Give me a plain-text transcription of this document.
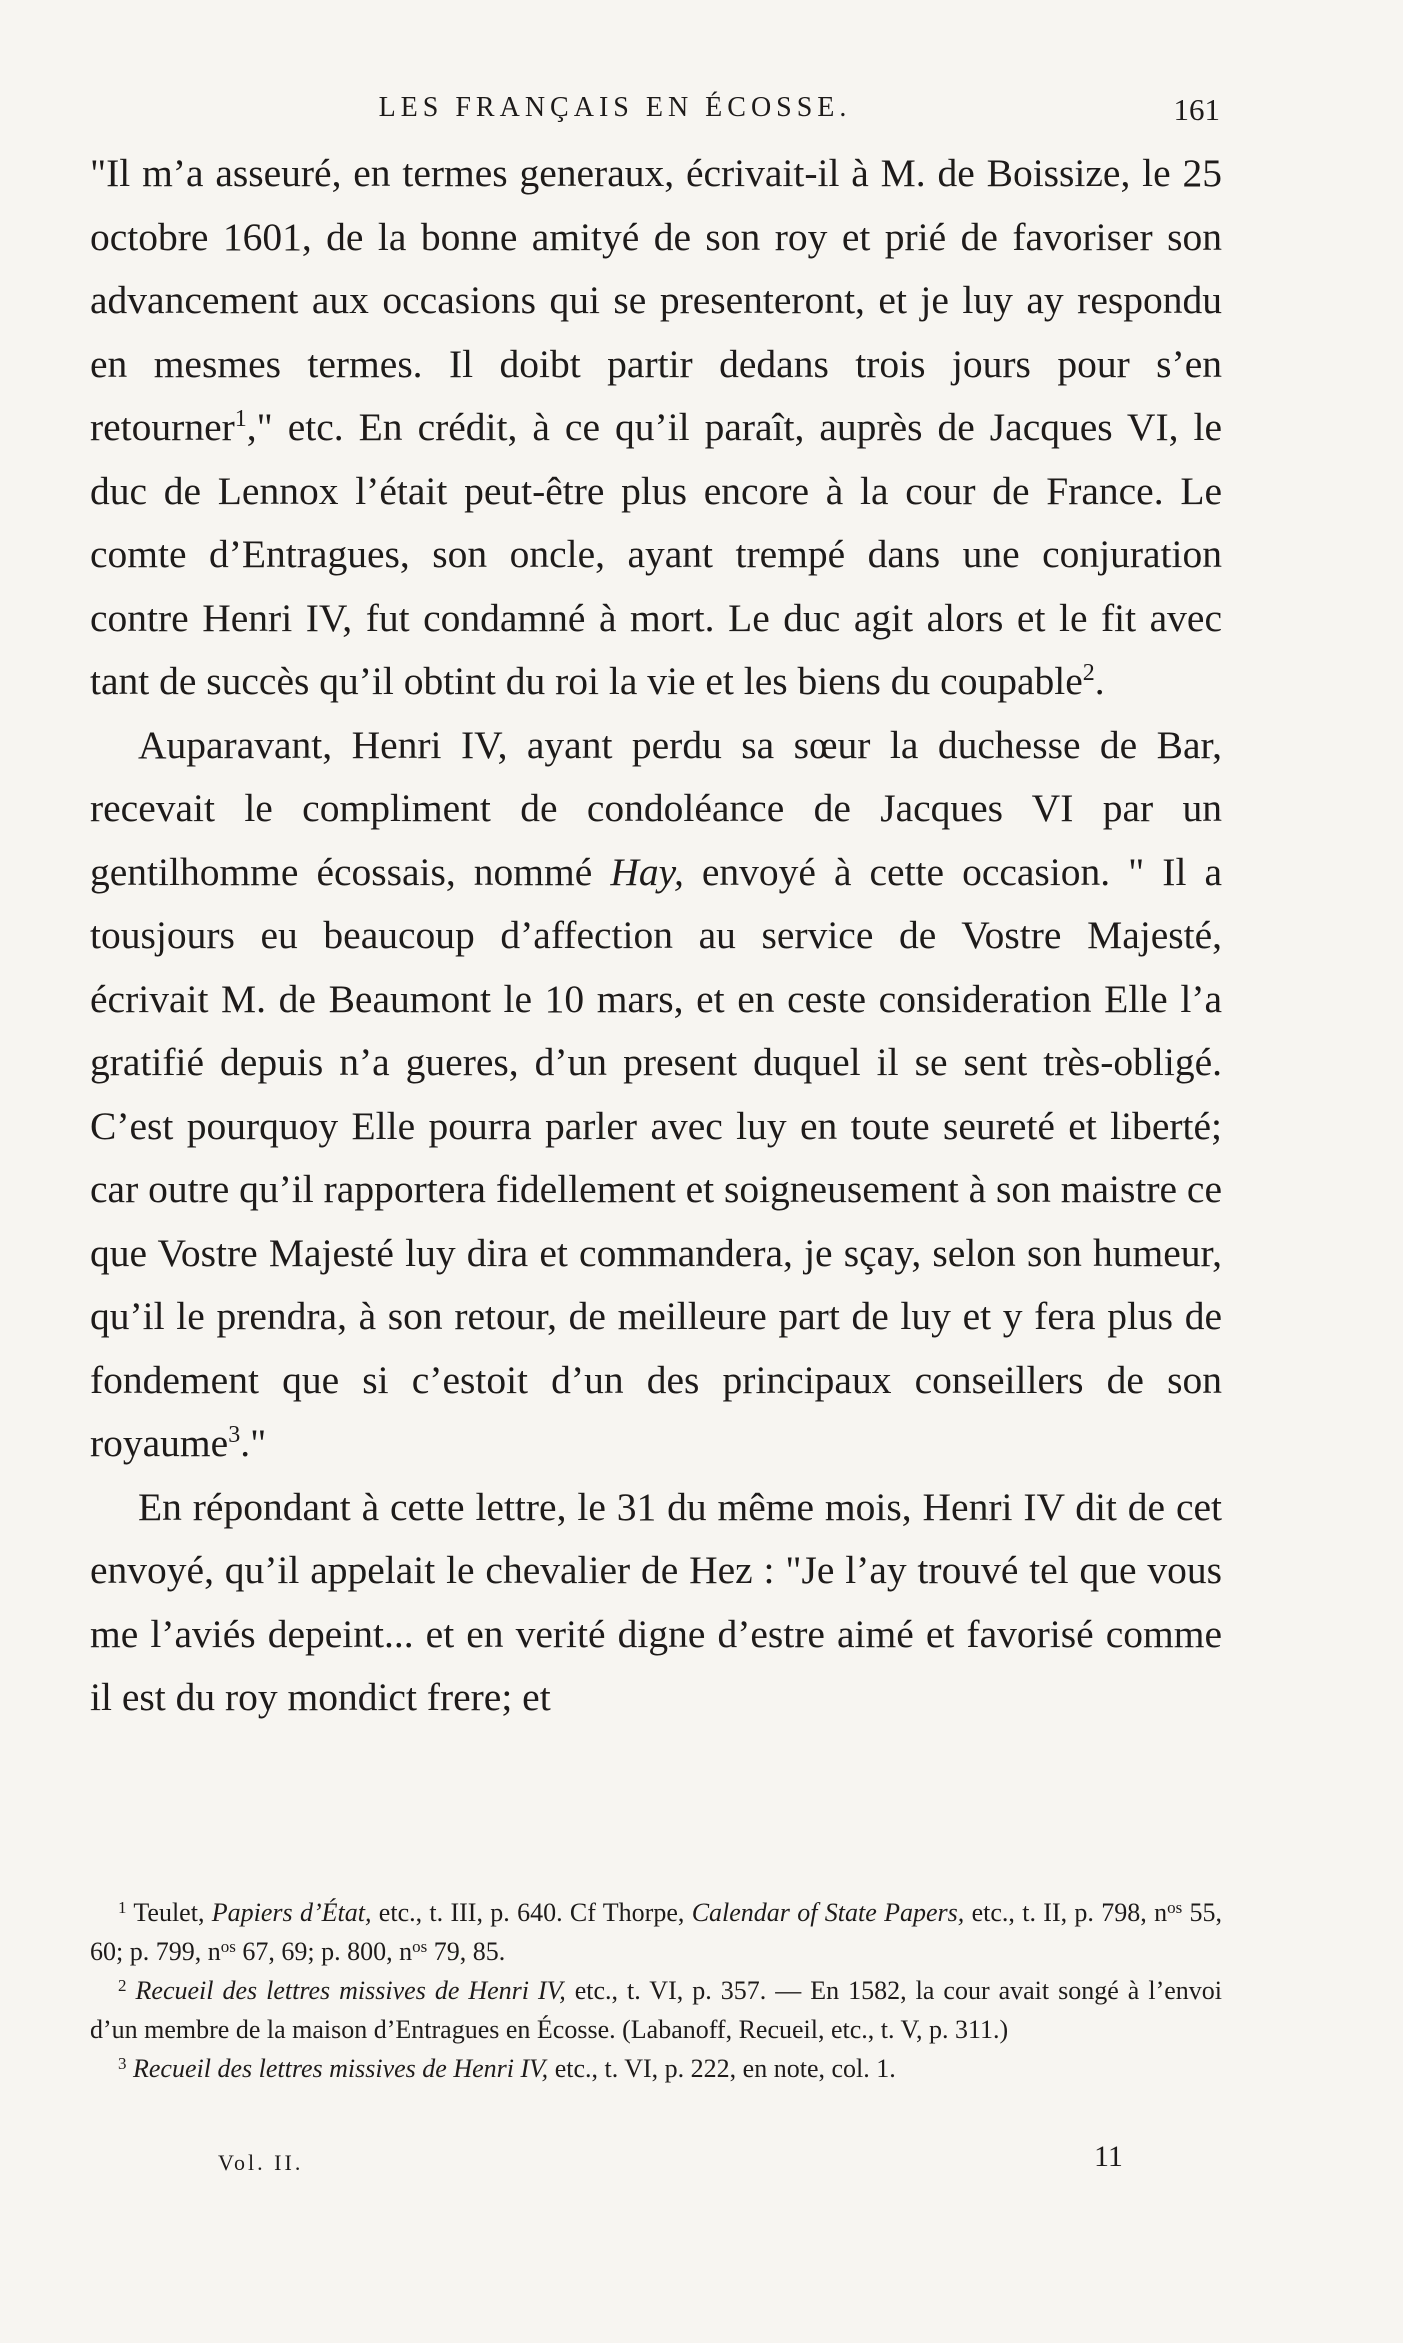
LES FRANÇAIS EN ÉCOSSE.	161

"Il m’a asseuré, en termes generaux, écrivait-il à M. de Boissize, le 25 octobre 1601, de la bonne amityé de son roy et prié de favoriser son advancement aux occasions qui se presenteront, et je luy ay respondu en mesmes termes. Il doibt partir dedans trois jours pour s’en retourner$^1$," etc. En crédit, à ce qu’il paraît, auprès de Jacques VI, le duc de Lennox l’était peut-être plus encore à la cour de France. Le comte d’Entragues, son oncle, ayant trempé dans une conjuration contre Henri IV, fut condamné à mort. Le duc agit alors et le fit avec tant de succès qu’il obtint du roi la vie et les biens du coupable$^2$.

Auparavant, Henri IV, ayant perdu sa sœur la duchesse de Bar, recevait le compliment de condoléance de Jacques VI par un gentilhomme écossais, nommé Hay, envoyé à cette occasion. " Il a tousjours eu beaucoup d’affection au service de Vostre Majesté, écrivait M. de Beaumont le 10 mars, et en ceste consideration Elle l’a gratifié depuis n’a gueres, d’un present duquel il se sent très-obligé. C’est pourquoy Elle pourra parler avec luy en toute seureté et liberté; car outre qu’il rapportera fidellement et soigneusement à son maistre ce que Vostre Majesté luy dira et commandera, je sçay, selon son humeur, qu’il le prendra, à son retour, de meilleure part de luy et y fera plus de fondement que si c’estoit d’un des principaux conseillers de son royaume$^3$."

En répondant à cette lettre, le 31 du même mois, Henri IV dit de cet envoyé, qu’il appelait le chevalier de Hez : "Je l’ay trouvé tel que vous me l’aviés depeint... et en verité digne d’estre aimé et favorisé comme il est du roy mondict frere; et

$^1$ Teulet, Papiers d’État, etc., t. III, p. 640. Cf Thorpe, Calendar of State Papers, etc., t. II, p. 798, $n^{os}$ 55, 60; p. 799, $n^{os}$ 67, 69; p. 800, $n^{os}$ 79, 85.

$^2$ Recueil des lettres missives de Henri IV, etc., t. VI, p. 357. — En 1582, la cour avait songé à l’envoi d’un membre de la maison d’Entragues en Écosse. (Labanoff, Recueil, etc., t. V, p. 311.)

$^3$ Recueil des lettres missives de Henri IV, etc., t. VI, p. 222, en note, col. 1.

Vol. II.	11
